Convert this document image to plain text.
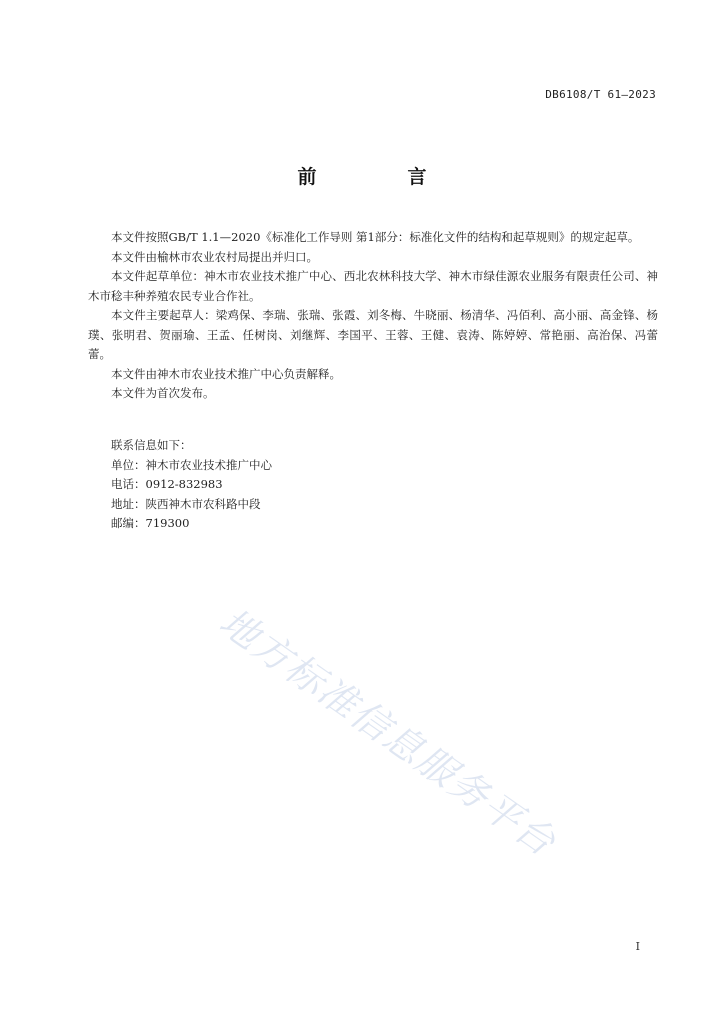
DB6108/T 61—2023
前　言

本文件按照GB/T 1.1—2020《标准化工作导则 第1部分：标准化文件的结构和起草规则》的规定起草。

本文件由榆林市农业农村局提出并归口。

本文件起草单位：神木市农业技术推广中心、西北农林科技大学、神木市绿佳源农业服务有限责任公司、神木市稔丰种养殖农民专业合作社。

本文件主要起草人：梁鸡保、李瑞、张瑞、张霞、刘冬梅、牛晓丽、杨清华、冯佰利、高小丽、高金锋、杨璞、张明君、贺丽瑜、王孟、任树岗、刘继辉、李国平、王蓉、王健、袁涛、陈婷婷、常艳丽、高治保、冯蕾蕾。

本文件由神木市农业技术推广中心负责解释。

本文件为首次发布。

联系信息如下：

单位：神木市农业技术推广中心

电话：0912-832983

地址：陕西神木市农科路中段

邮编：719300

地方标准信息服务平台
I
